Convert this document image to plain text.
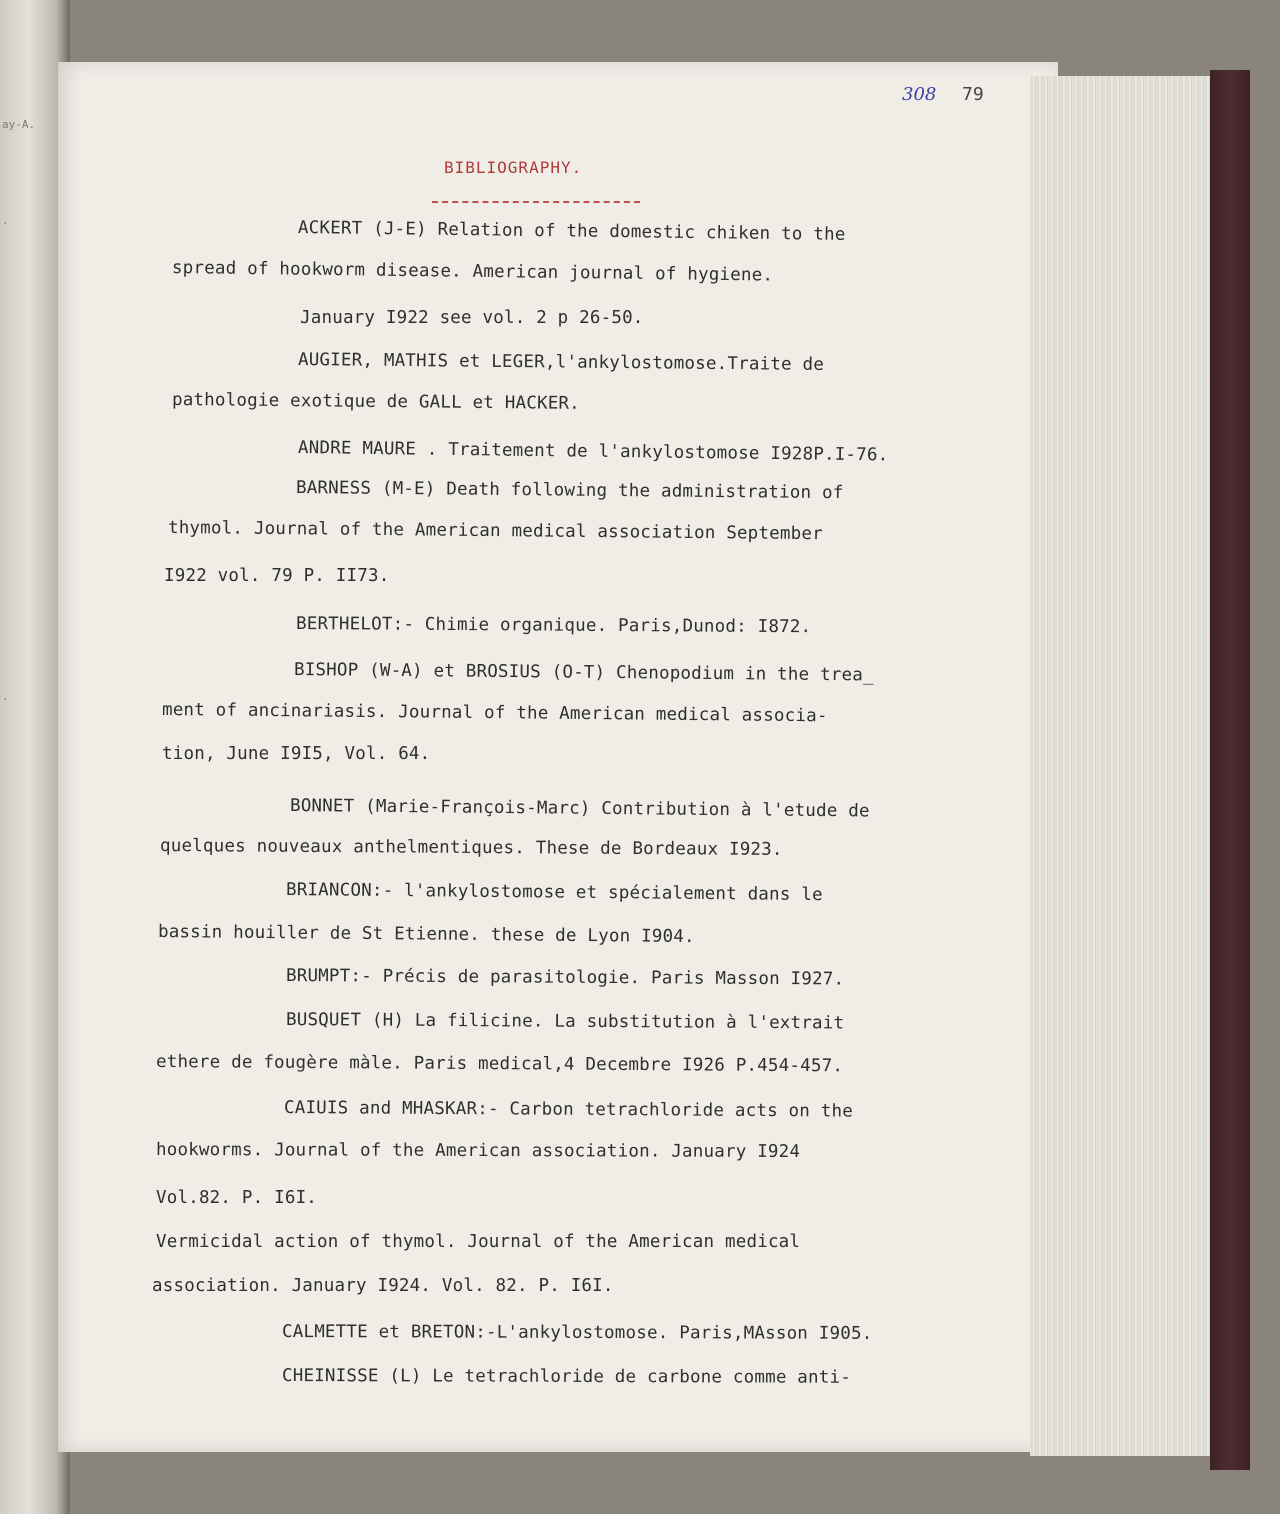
ay-A.
.
.
308 79
BIBLIOGRAPHY.
ACKERT (J-E) Relation of the domestic chiken to the
spread of hookworm disease. American journal of hygiene.
January I922 see vol. 2 p 26-50.
AUGIER, MATHIS et LEGER,l'ankylostomose.Traite de
pathologie exotique de GALL et HACKER.
ANDRE MAURE . Traitement de l'ankylostomose I928P.I-76.
BARNESS (M-E) Death following the administration of
thymol. Journal of the American medical association September
I922 vol. 79 P. II73.
BERTHELOT:- Chimie organique. Paris,Dunod: I872.
BISHOP (W-A) et BROSIUS (O-T) Chenopodium in the trea_
ment of ancinariasis. Journal of the American medical associa-
tion, June I9I5, Vol. 64.
BONNET (Marie-François-Marc) Contribution à l'etude de
quelques nouveaux anthelmentiques. These de Bordeaux I923.
BRIANCON:- l'ankylostomose et spécialement dans le
bassin houiller de St Etienne. these de Lyon I904.
BRUMPT:- Précis de parasitologie. Paris Masson I927.
BUSQUET (H) La filicine. La substitution à l'extrait
ethere de fougère màle. Paris medical,4 Decembre I926 P.454-457.
CAIUIS and MHASKAR:- Carbon tetrachloride acts on the
hookworms. Journal of the American association. January I924
Vol.82. P. I6I.
Vermicidal action of thymol. Journal of the American medical
association. January I924. Vol. 82. P. I6I.
CALMETTE et BRETON:-L'ankylostomose. Paris,MAsson I905.
CHEINISSE (L) Le tetrachloride de carbone comme anti-
